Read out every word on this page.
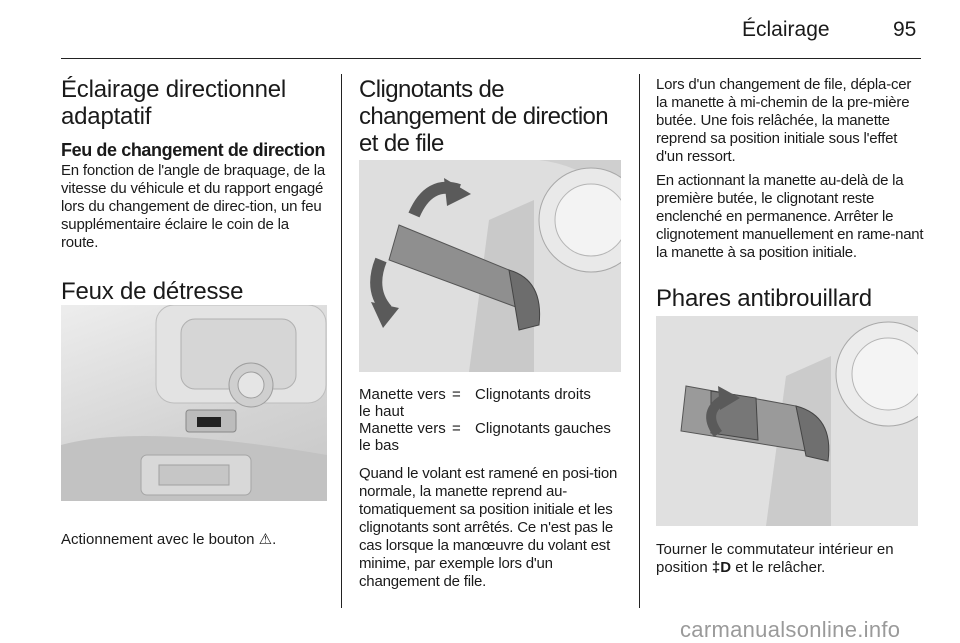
Éclairage	95
Éclairage directionnel adaptatif
Feu de changement de direction

En fonction de l'angle de braquage, de la vitesse du véhicule et du rapport engagé lors du changement de direc-tion, un feu supplémentaire éclaire le coin de la route.

Feux de détresse
Actionnement avec le bouton ⚠.
Clignotants de changement de direction et de file
Manette vers le haut
= Clignotants droits
Manette vers le bas
= Clignotants gauches

Quand le volant est ramené en posi-tion normale, la manette reprend au-tomatiquement sa position initiale et les clignotants sont arrêtés. Ce n'est pas le cas lorsque la manœuvre du volant est minime, par exemple lors d'un changement de file.

Lors d'un changement de file, dépla-cer la manette à mi-chemin de la pre-mière butée. Une fois relâchée, la manette reprend sa position initiale sous l'effet d'un ressort.

En actionnant la manette au-delà de la première butée, le clignotant reste enclenché en permanence. Arrêter le clignotement manuellement en rame-nant la manette à sa position initiale.

Phares antibrouillard
Tourner le commutateur intérieur en position ‡D et le relâcher.
carmanualsonline.info
